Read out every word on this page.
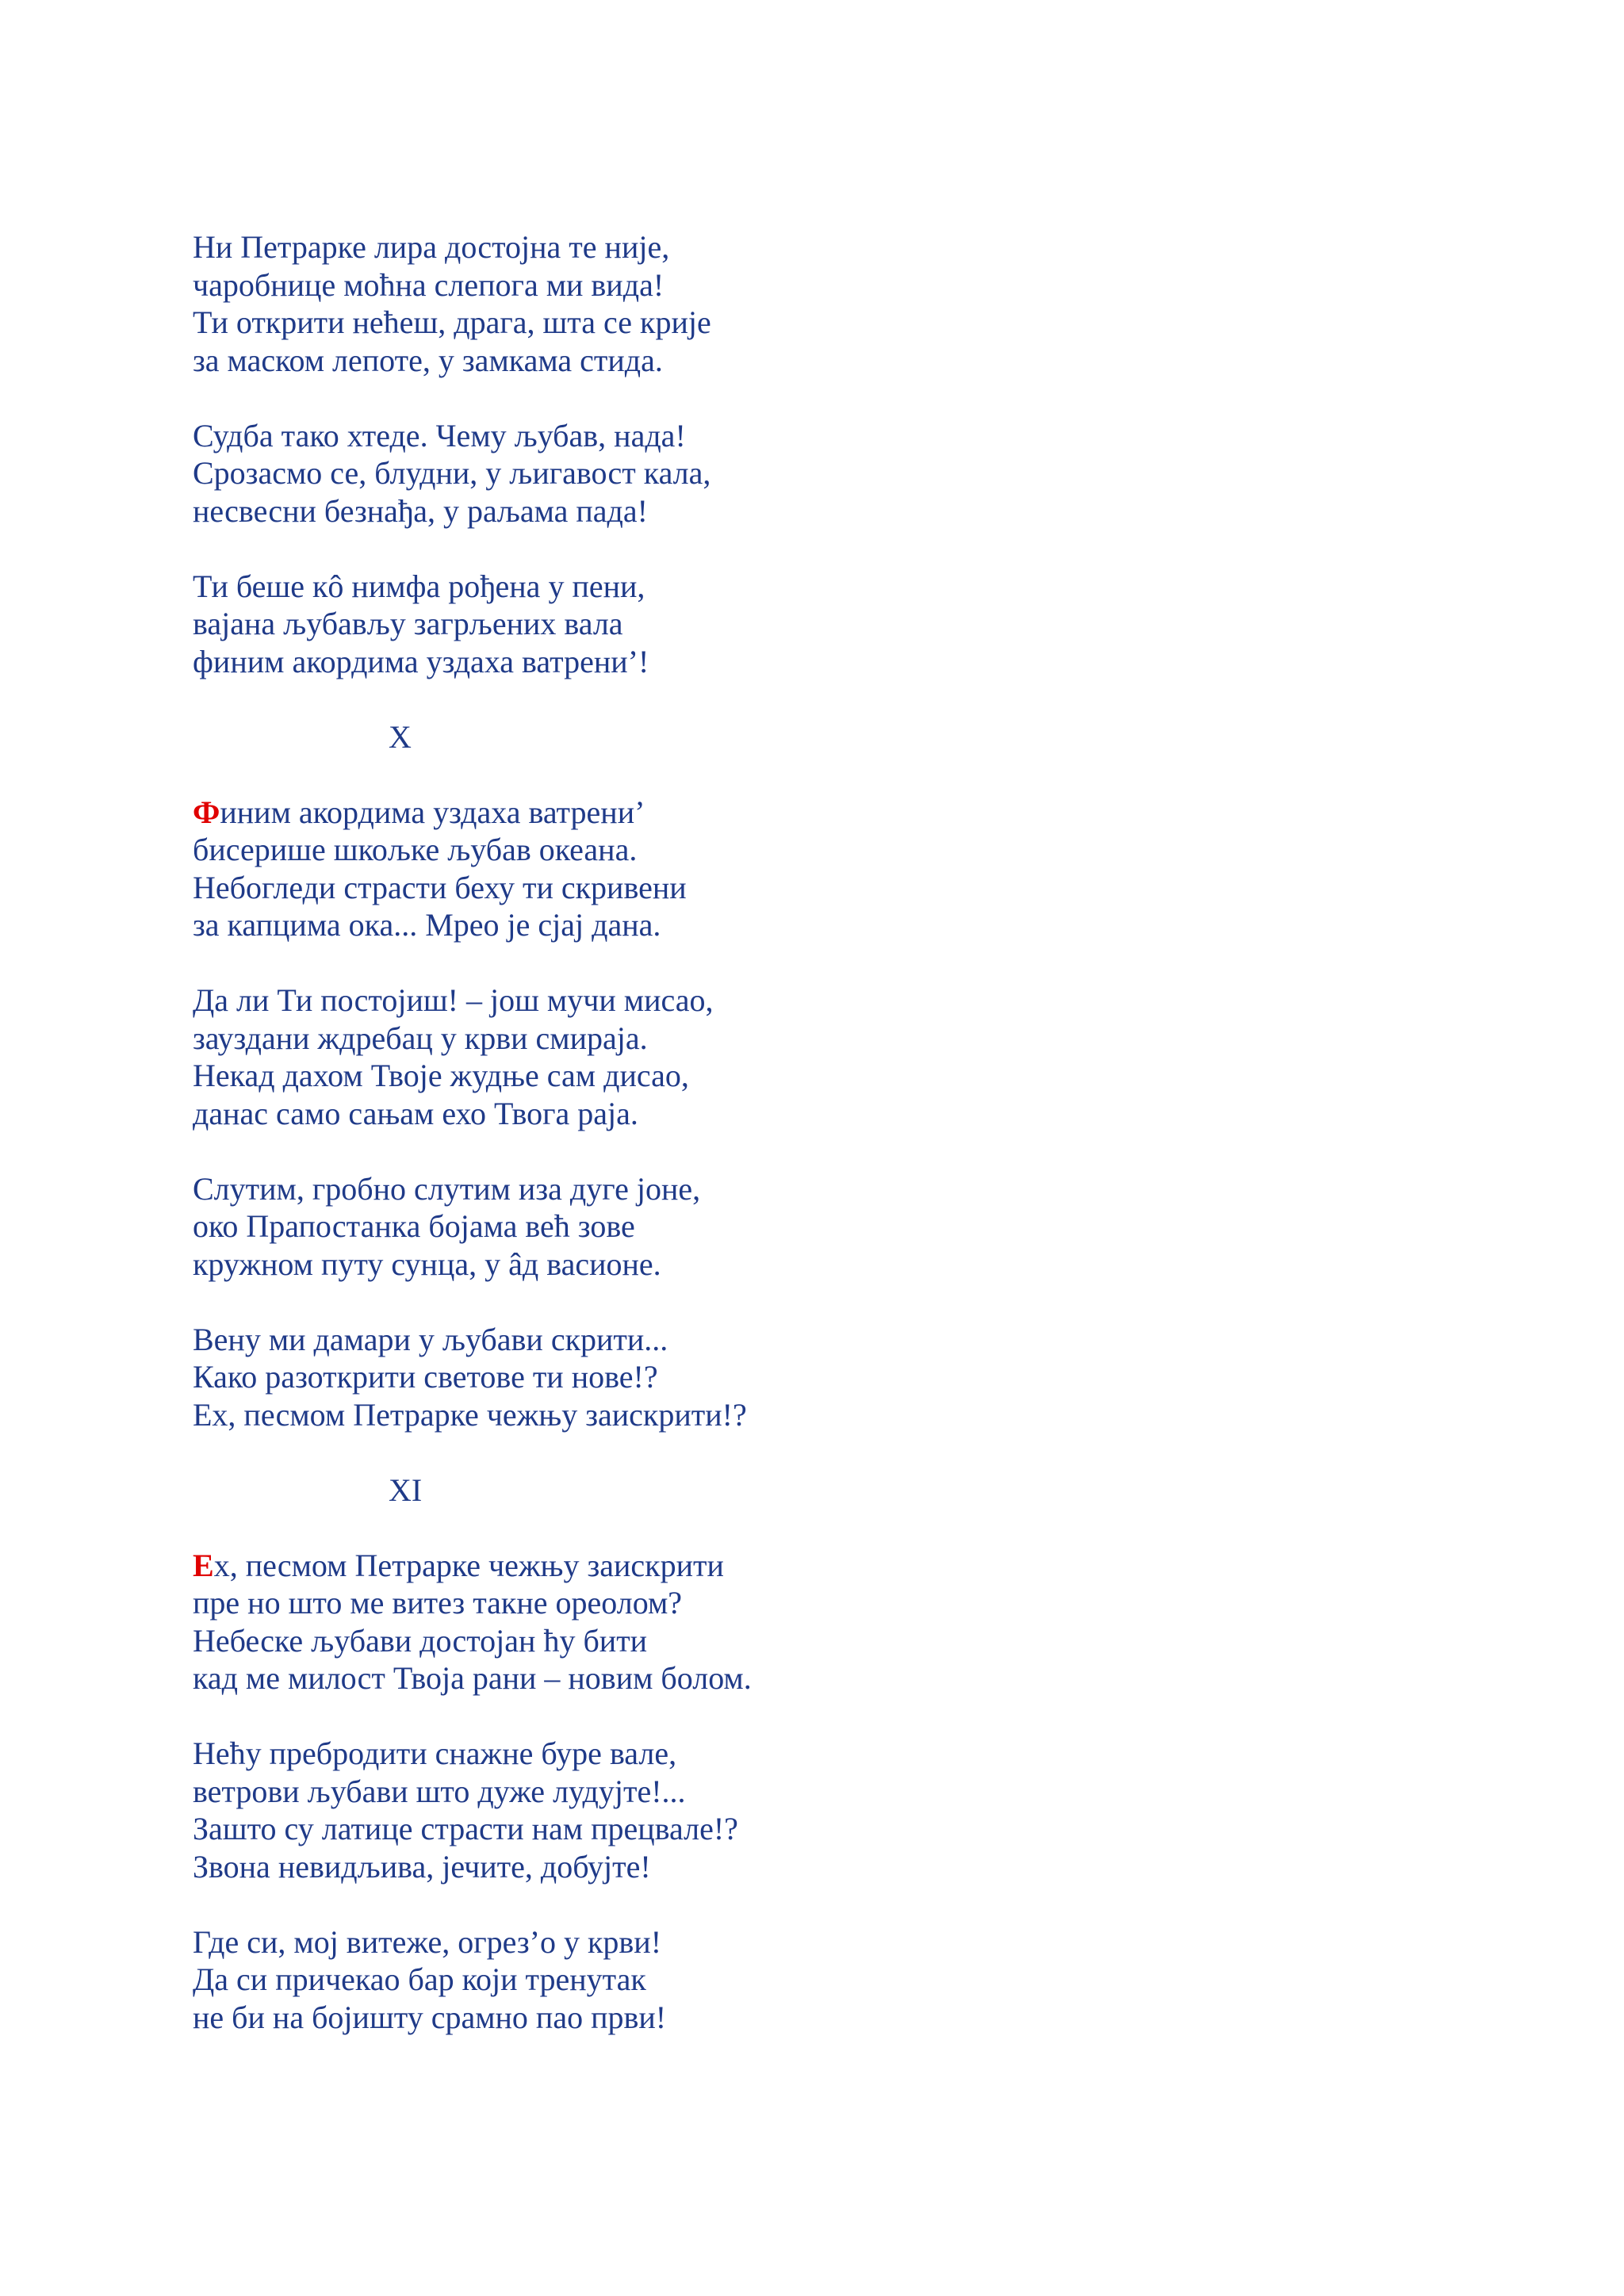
Ни Петрарке лира достојна те није,
чаробнице моћна слепога ми вида!
Ти открити нећеш, драга, шта се крије
за маском лепоте, у замкама стида.
Судба тако хтеде. Чему љубав, нада!
Срозасмо се, блудни, у љигавост кала,
несвесни безнађа, у раљама пада!
Ти беше кô нимфа рођена у пени,
вајана љубављу загрљених вала
финим акордима уздаха ватрени’!
X
Финим акордима уздаха ватрени’
бисерише шкољке љубав океана.
Небогледи страсти беху ти скривени
за капцима ока... Мрео је сјај дана.
Да ли Ти постојиш! – још мучи мисао,
зауздани ждребац у крви смираја.
Некад дахом Твоје жудње сам дисао,
данас само сањам ехо Твога раја.
Слутим, гробно слутим иза дуге јоне,
око Прапостанка бојама већ зове
кружном путу сунца, у âд васионе.
Вену ми дамари у љубави скрити...
Како разоткрити светове ти нове!?
Ех, песмом Петрарке чежњу заискрити!?
XI
Ех, песмом Петрарке чежњу заискрити
пре но што ме витез такне ореолом?
Небеске љубави достојан ћу бити
кад ме милост Твоја рани – новим болом.
Нећу пребродити снажне буре вале,
ветрови љубави што дуже лудујте!...
Зашто су латице страсти нам прецвале!?
Звона невидљива, јечите, добујте!
Где си, мој витеже, огрез’о у крви!
Да си причекао бар који тренутак
не би на бојишту срамно пао први!
